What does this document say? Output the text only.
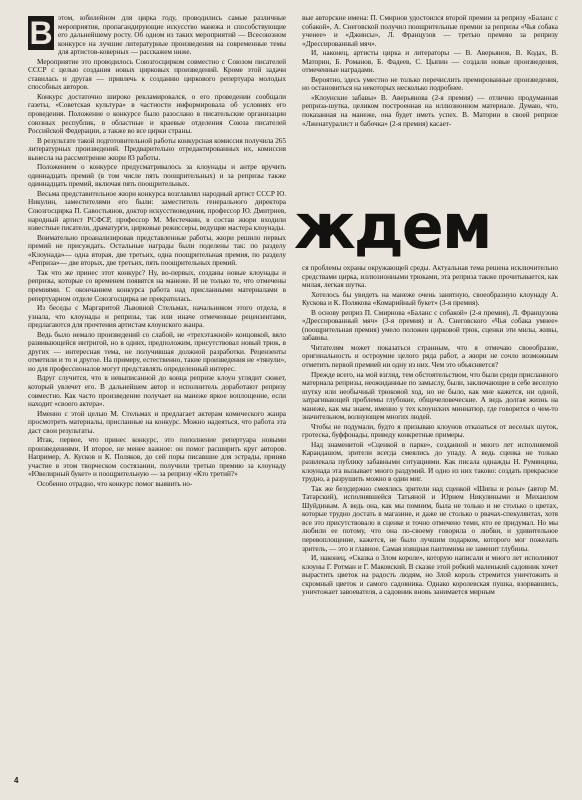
В этом, юбилейном для цирка году, проводились самые различные мероприятия, пропагандирующие искусство манежа и способствующие его дальнейшему росту. Об одном из таких мероприятий — Всесоюзном конкурсе на лучшие литературные произведения на современные темы для артистов-коверных — расскажем ниже.

Мероприятие это проводилось Союзгосцирком совместно с Союзом писателей СССР с целью создания новых цирковых произведений. Кроме этой задачи ставилась и другая — привлечь к созданию циркового репертуара молодых способных авторов.

Конкурс достаточно широко рекламировался, о его проведении сообщали газеты, «Советская культура» в частности информировала об условиях его проведения. Положение о конкурсе было разослано в писательские организации союзных республик, в областные и краевые отделения Союза писателей Российской Федерации, а также во все цирки страны.

В результате такой подготовительной работы конкурсная комиссия получила 265 литературных произведений. Предварительно отредактированных их, комиссия вынесла на рассмотрение жюри 83 работы.

Положением о конкурсе предусматривалось за клоунады и антре вручить одиннадцать премий (в том числе пять поощрительных) и за репризы также одиннадцать премий, включая пять поощрительных.

Весьма представительное жюри конкурса возглавлял народный артист СССР Ю. Никулин, заместителями его были: заместитель генерального директора Союзгосцирка П. Савостьянов, доктор искусствоведения, профессор Ю. Дмитриев, народный артист РСФСР, профессор М. Местечкин, в состав жюри входили известные писатели, драматурги, цирковые режиссеры, ведущие мастера клоунады.

Внимательно проанализировав представленные работы, жюри решило первых премий не присуждать. Остальные награды были поделены так: по разделу «Клоунада»— одна вторая, две третьих, одна поощрительная премия, по разделу «Реприза»— две вторых, две третьих, пять поощрительных премий.

Так что же принес этот конкурс? Ну, во-первых, созданы новые клоунады и репризы, которые со временем появятся на манеже. И не только те, что отмечены премиями. С окончанием конкурса работа над присланными материалами в репертуарном отделе Союзгосцирка не прекратилась.

Из беседы с Маргаритой Львовной Стельмах, начальником этого отдела, я узнала, что клоунады и репризы, так или иначе отмеченные рецензентами, предлагаются для прочтения артистам клоунского жанра.

Ведь было немало произведений со слабой, не «трехэтажной» концовкой, вяло развивающейся интригой, но в одних, предположим, присутствовал новый трюк, в других — интересная тема, не получившая должной разработки. Рецензенты отметили и то и другое. На примеру, естественно, такие произведения не «тянули», но для профессионалов могут представлять определенный интерес.

Вдруг случится, что в невыписанной до конца репризе клоун углядит сюжет, который увлечет его. В дальнейшем автор и исполнитель доработают репризу совместно. Как часто произведение получает на манеже яркое воплощение, если находит «своего актера».

Именно с этой целью М. Стельмах и предлагает актерам комического жанра просмотреть материалы, присланные на конкурс. Можно надеяться, что работа эта даст свои результаты.

Итак, первое, что принес конкурс, это пополнение репертуара новыми произведениями. И второе, не менее важное: он помог расширить круг авторов. Например, А. Кусков и К. Поляков, до сей поры писавшие для эстрады, приняв участие в этом творческом состязании, получили третью премию за клоунаду «Ювелирный букет» и поощрительную — за репризу «Кто третий?»

Особенно отрадно, что конкурс помог выявить но-

вые авторские имена: П. Смирнов удостоился второй премии за репризу «Баланс с собакой», А. Снеговской получил поощрительные премии за репризы «Чья собака ученее» и «Джинсы», Л. Французов — третью премию за репризу «Дрессированный мяч».

И, наконец, артисты цирка и литераторы — В. Аверьянов, В. Кодах, В. Маторин, Б. Романов, Б. Фадеев, С. Цыпин — создали новые произведения, отмеченные наградами.

Вероятно, здесь уместно не только перечислить премированные произведения, но остановиться на некоторых несколько подробнее.

«Клоунские забавы» В. Аверьянова (2-я премия) — отлично продуманная реприза-шутка, целиком построенная на иллюзионном материале. Думаю, что, показанная на манеже, она будет иметь успех. В. Маторин в своей репризе «Лженатуралист и бабочка» (2-я премия) касает-

ждем

ся проблемы охраны окружающей среды. Актуальная тема решена исключительно средствами цирка, иллюзионными трюками, эта реприза также прочитывается, как милая, легкая шутка.

Хотелось бы увидеть на манеже очень занятную, своеобразную клоунаду А. Кускова и К. Полякова «Комарийный букет» (3-я премия).

В основу реприз П. Смирнова «Баланс с собакой» (2-я премия), Л. Французова «Дрессированный мяч» (3-я премия) и А. Снеговского «Чья собака умнее» (поощрительная премия) умело положен цирковой трюк, сценки эти милы, живы, забавны.

Читателям может показаться странным, что я отмечаю своеобразие, оригинальность и остроумие целого ряда работ, а жюри не сочло возможным отметить первой премией ни одну из них. Чем это объясняется?

Прежде всего, на мой взгляд, тем обстоятельством, что были среди присланного материала репризы, неожиданные по замыслу, были, заключающие в себе веселую шутку или необычный трюковой ход, но не было, как мне кажется, ни одной, затрагивающей проблемы глубокие, общечеловеческие. А ведь долгая жизнь на манеже, как мы знаем, именно у тех клоунских миниатюр, где говорится о чем-то значительном, волнующем многих людей.

Чтобы не подумали, будто я призываю клоунов отказаться от веселых шуток, гротеска, буффонады, приведу конкретные примеры.

Над знаменитой «Сценкой в парке», созданной и много лет исполняемой Карандашом, зрители всегда смеялись до упаду. А ведь сценка не только развлекала публику забавными ситуациями. Как писала однажды Н. Румянцева, клоунада эта вызывает много раздумий. И одно из них таково: создать прекрасное трудно, а разрушить можно в один миг.

Так же безудержно смеялись зрители над сценкой «Шипы и розы» (автор М. Татарский), исполнявшейся Татьяной и Юрием Никулиными и Михаилом Шуйдиным. А ведь она, как мы помним, была не только и не столько о цветах, которые трудно достать в магазине, и даже не столько о рвачах-спекулянтах, хотя все это присутствовало в сценке и точно отмечено теми, кто ее придумал. Но мы любили ее потому, что она по-своему говорила о любви, и удивительное перевоплощение, кажется, не было лучшим подарком, которого мог пожелать зритель, — это и главное. Самая изящная пантомима не заменит глубины.

И, наконец, «Сказка о Злом короле», которую написали и много лет исполняют клоуны Г. Ротман и Г. Маковский. В сказке этой робкий маленький садовник хочет вырастить цветок на радость людям, но Злой король стремится уничтожить и скромный цветок и самого садовника. Однако королевская пушка, взорвавшись, уничтожает завоевателя, а садовник вновь занимается мирным

4
